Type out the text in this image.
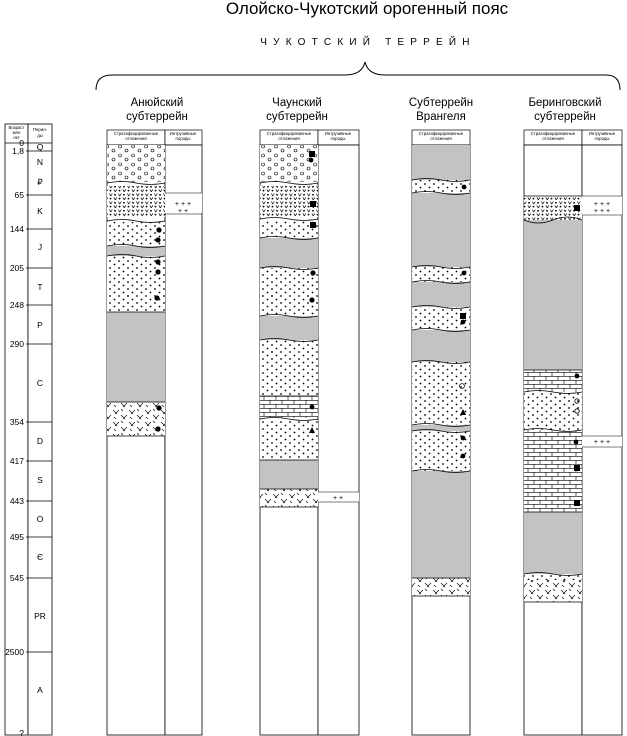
Олойско-Чукотский орогенный пояс
ЧУКОТСКИЙ ТЕРРЕЙН
Анюйский
субтеррейн
Чаунский
субтеррейн
Субтеррейн
Врангеля
Беринговский
субтеррейн
Возраст
млн
лет
Перио-
ды
0
1,8
65
144
205
248
290
354
417
443
495
545
2500
?
Q
N
₽
K
J
T
P
C
D
S
O
Є
PR
A
Стратифицированные
отложения
Интрузивные
породы
+ + +
+ +
Стратифицированные
отложения
Интрузивные
породы
+ +
Стратифицированные
отложения
Стратифицированные
отложения
Интрузивные
породы
+ + +
+ + +
+ + +
